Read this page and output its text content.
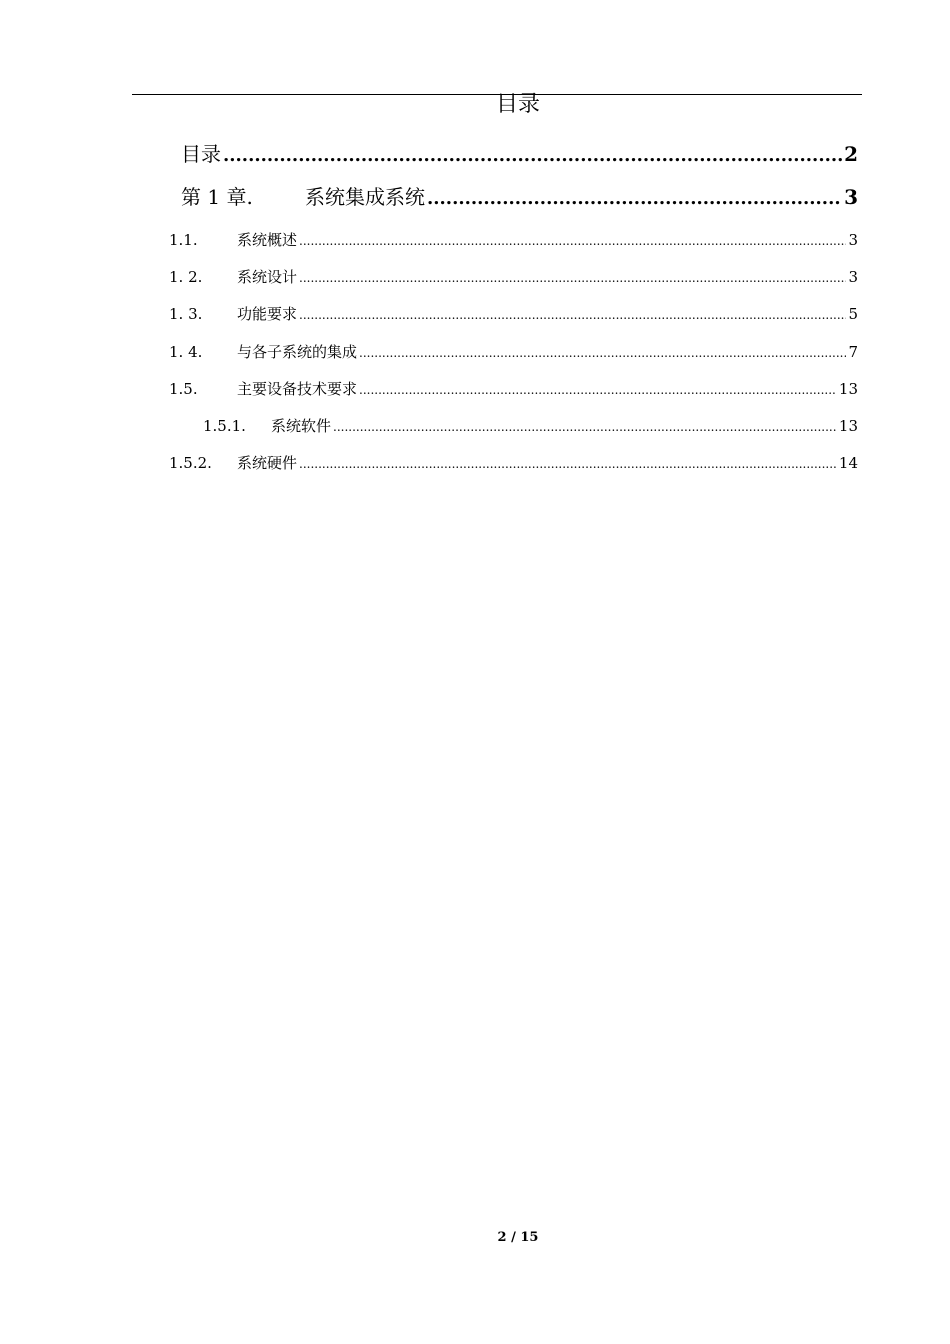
目录
目录 .....	2
第 1 章.	系统集成系统 .....	3
1.1.	系统概述 .....	3
1. 2.	系统设计 .....	3
1. 3.	功能要求 .....	5
1. 4.	与各子系统的集成 .....	7
1.5.	主要设备技术要求 .....	13
1.5.1.	系统软件 .....	13
1.5.2.	系统硬件 .....	14
2 / 15
